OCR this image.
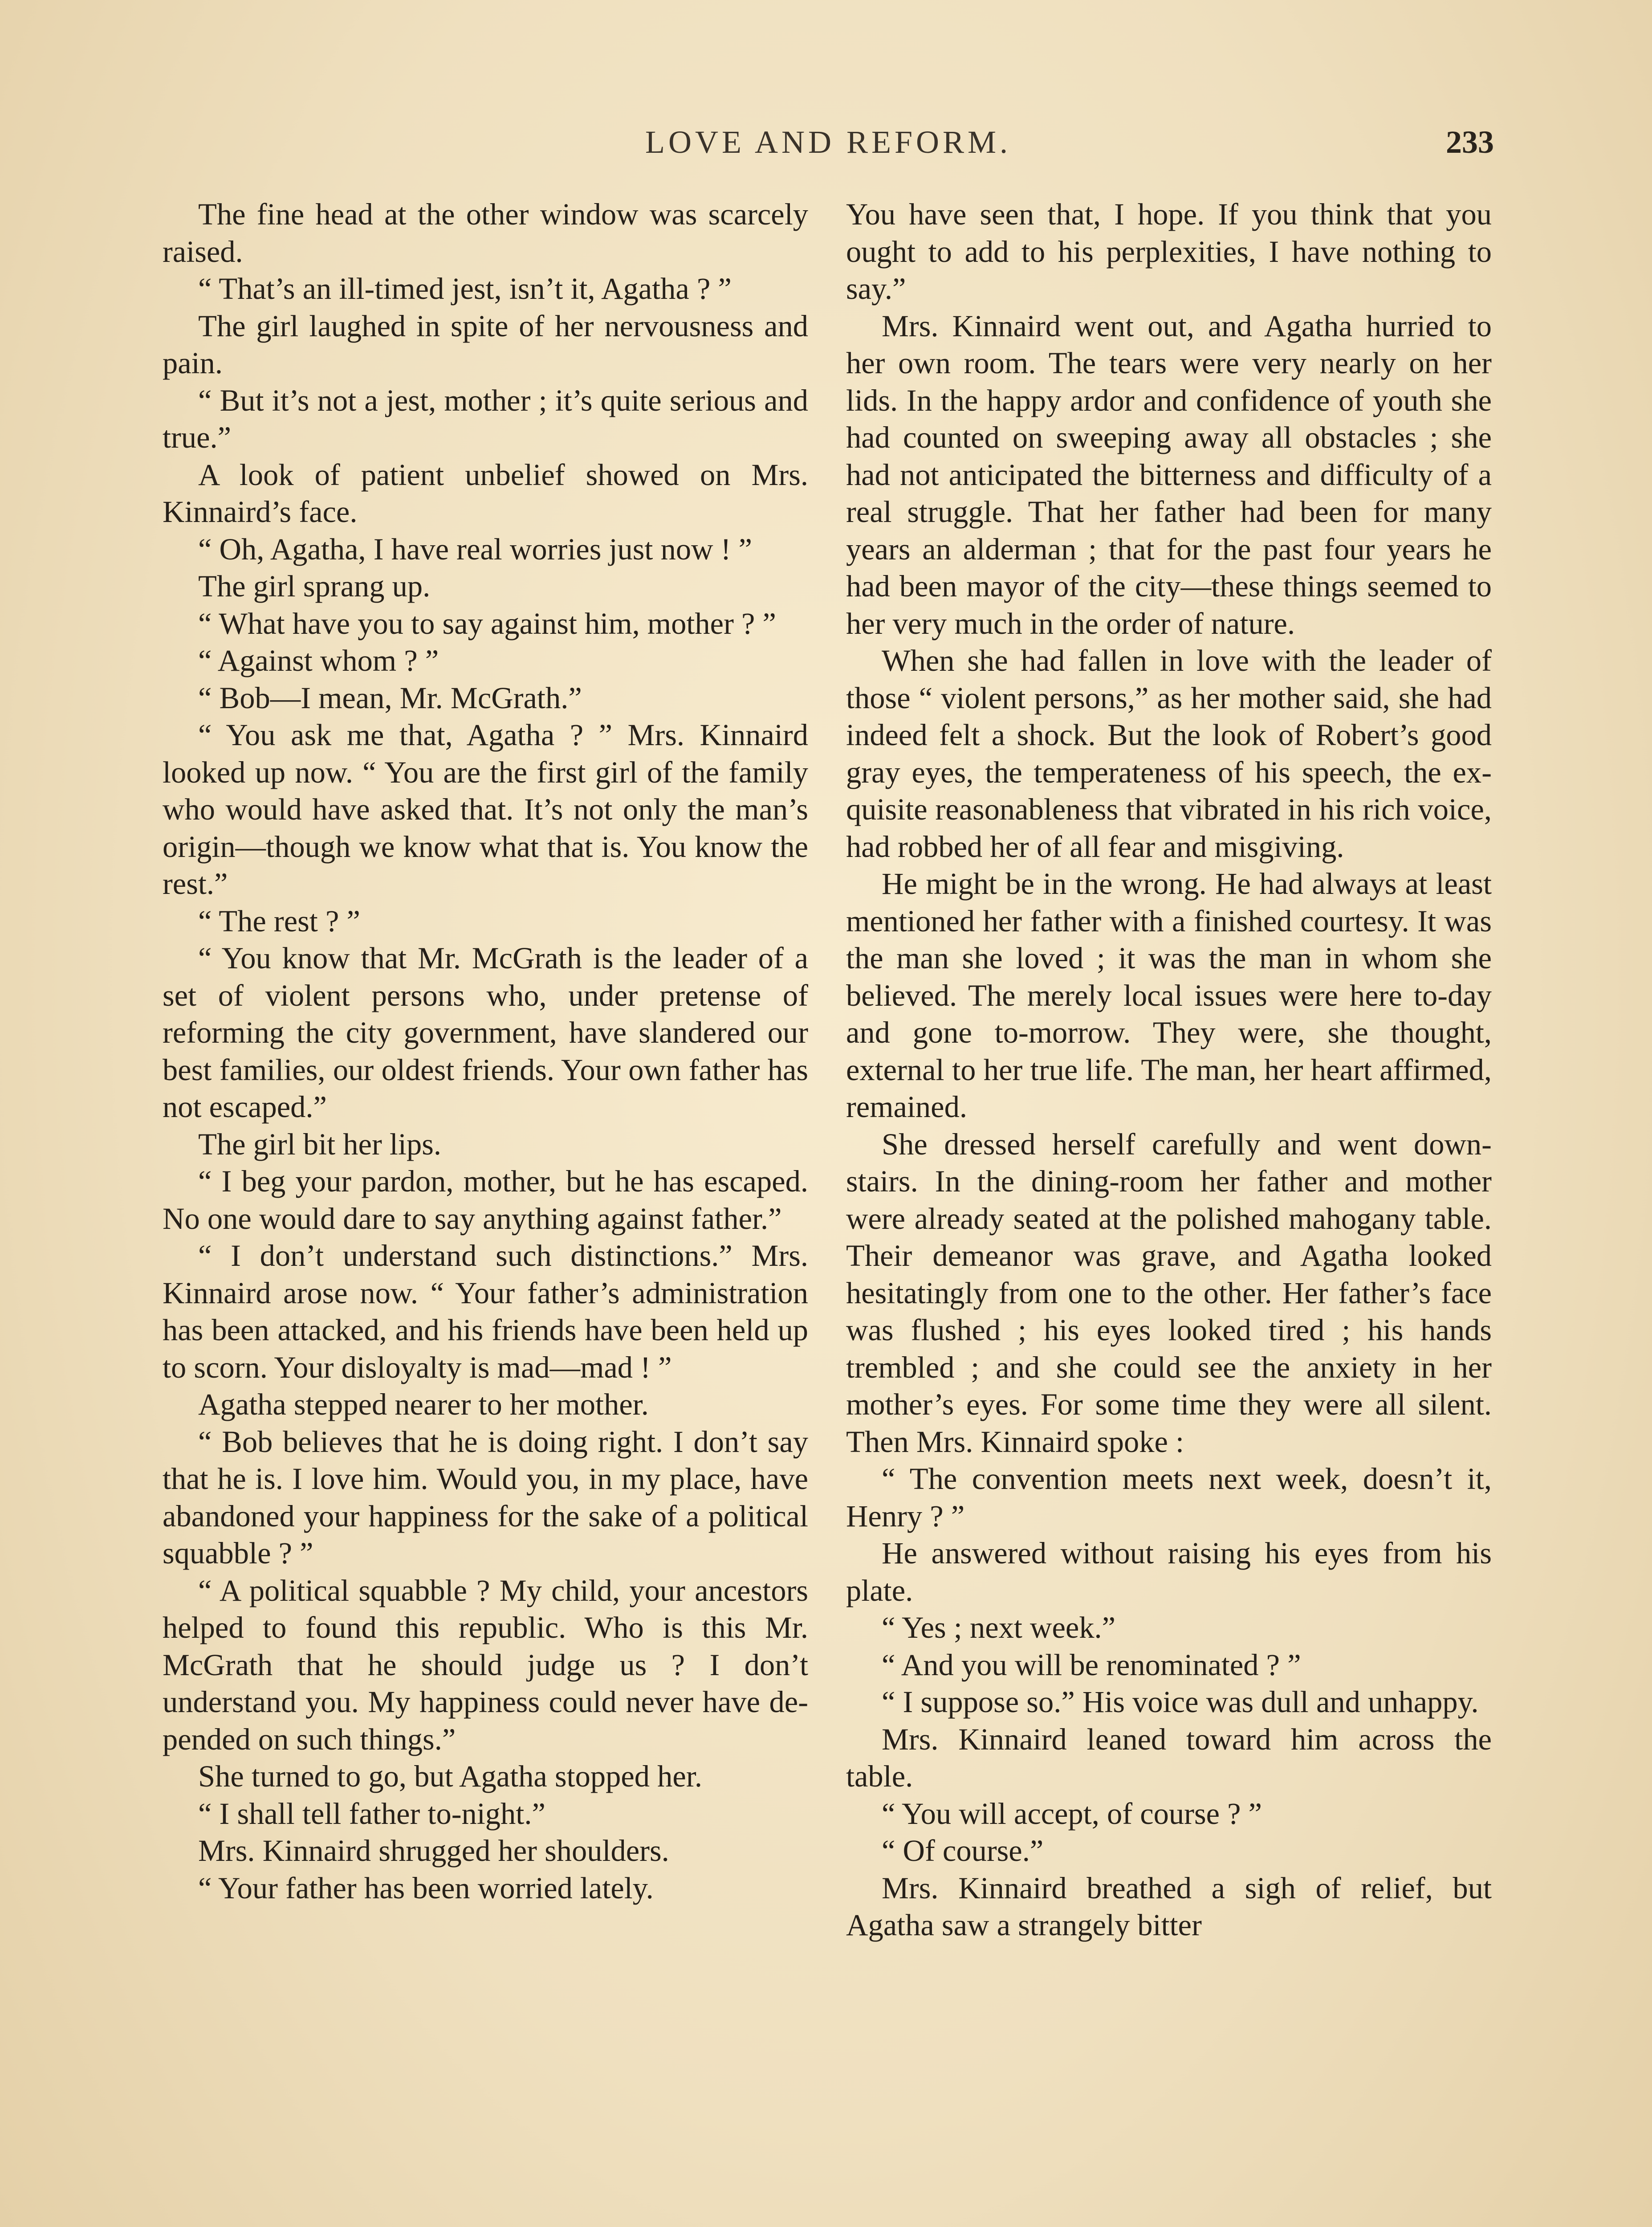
LOVE AND REFORM.	233

The fine head at the other window was scarcely raised.

“ That’s an ill-timed jest, isn’t it, Agatha ? ”

The girl laughed in spite of her nervousness and pain.

“ But it’s not a jest, mother ; it’s quite serious and true.”

A look of patient unbelief showed on Mrs. Kinnaird’s face.

“ Oh, Agatha, I have real worries just now ! ”

The girl sprang up.

“ What have you to say against him, mother ? ”

“ Against whom ? ”

“ Bob—I mean, Mr. McGrath.”

“ You ask me that, Agatha ? ” Mrs. Kinnaird looked up now. “ You are the first girl of the family who would have asked that. It’s not only the man’s origin—though we know what that is. You know the rest.”

“ The rest ? ”

“ You know that Mr. McGrath is the leader of a set of violent persons who, under pretense of reforming the city government, have slandered our best families, our oldest friends. Your own father has not escaped.”

The girl bit her lips.

“ I beg your pardon, mother, but he has escaped. No one would dare to say anything against father.”

“ I don’t understand such distinctions.” Mrs. Kinnaird arose now. “ Your father’s administration has been attacked, and his friends have been held up to scorn. Your disloyalty is mad—mad ! ”

Agatha stepped nearer to her mother.

“ Bob believes that he is doing right. I don’t say that he is. I love him. Would you, in my place, have abandoned your happiness for the sake of a political squabble ? ”

“ A political squabble ? My child, your ancestors helped to found this republic. Who is this Mr. McGrath that he should judge us ? I don’t understand you. My happiness could never have depended on such things.”

She turned to go, but Agatha stopped her.

“ I shall tell father to-night.”

Mrs. Kinnaird shrugged her shoulders.

“ Your father has been worried lately.

You have seen that, I hope. If you think that you ought to add to his perplexities, I have nothing to say.”

Mrs. Kinnaird went out, and Agatha hurried to her own room. The tears were very nearly on her lids. In the happy ardor and confidence of youth she had counted on sweeping away all obstacles ; she had not anticipated the bitterness and difficulty of a real struggle. That her father had been for many years an alderman ; that for the past four years he had been mayor of the city—these things seemed to her very much in the order of nature.

When she had fallen in love with the leader of those “ violent persons,” as her mother said, she had indeed felt a shock. But the look of Robert’s good gray eyes, the temperateness of his speech, the exquisite reasonableness that vibrated in his rich voice, had robbed her of all fear and misgiving.

He might be in the wrong. He had always at least mentioned her father with a finished courtesy. It was the man she loved ; it was the man in whom she believed. The merely local issues were here to-day and gone to-morrow. They were, she thought, external to her true life. The man, her heart affirmed, remained.

She dressed herself carefully and went down-stairs. In the dining-room her father and mother were already seated at the polished mahogany table. Their demeanor was grave, and Agatha looked hesitatingly from one to the other. Her father’s face was flushed ; his eyes looked tired ; his hands trembled ; and she could see the anxiety in her mother’s eyes. For some time they were all silent. Then Mrs. Kinnaird spoke :

“ The convention meets next week, doesn’t it, Henry ? ”

He answered without raising his eyes from his plate.

“ Yes ; next week.”

“ And you will be renominated ? ”

“ I suppose so.” His voice was dull and unhappy.

Mrs. Kinnaird leaned toward him across the table.

“ You will accept, of course ? ”

“ Of course.”

Mrs. Kinnaird breathed a sigh of relief, but Agatha saw a strangely bitter
